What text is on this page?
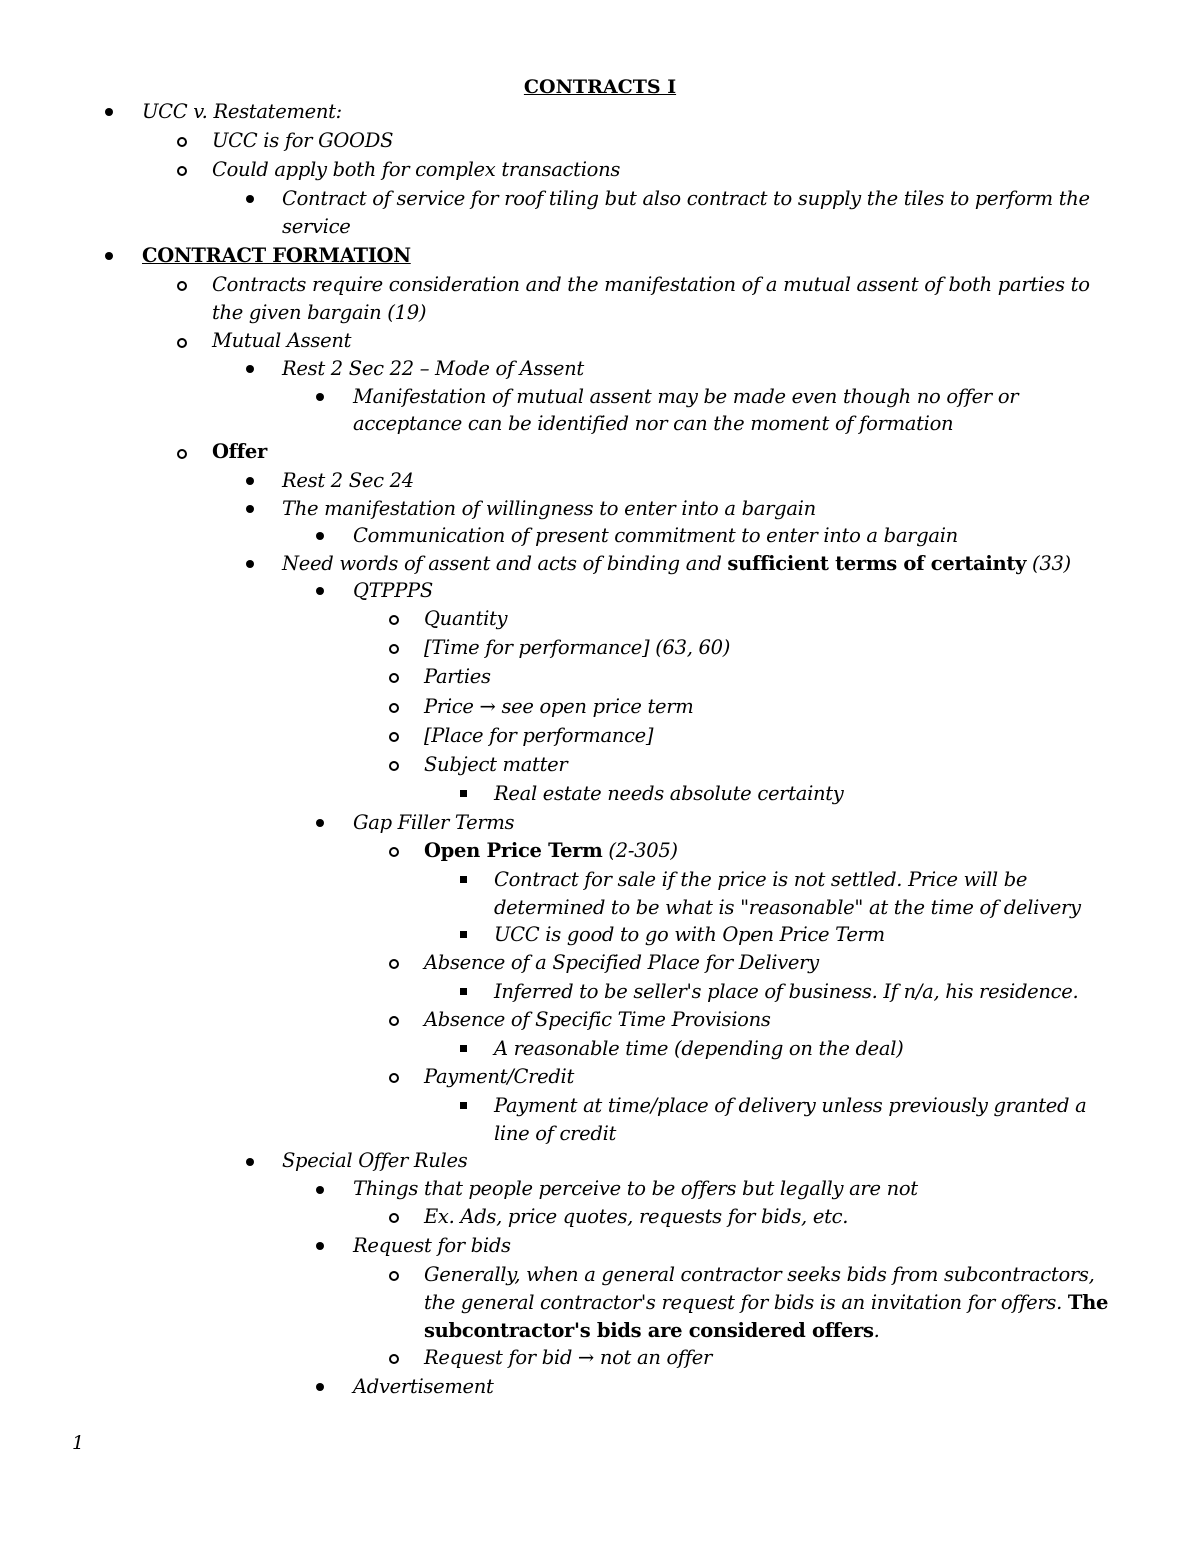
CONTRACTS I
UCC v. Restatement:
UCC is for GOODS
Could apply both for complex transactions
Contract of service for roof tiling but also contract to supply the tiles to perform the
service
CONTRACT FORMATION
Contracts require consideration and the manifestation of a mutual assent of both parties to
the given bargain (19)
Mutual Assent
Rest 2 Sec 22 – Mode of Assent
Manifestation of mutual assent may be made even though no offer or
acceptance can be identified nor can the moment of formation
Offer
Rest 2 Sec 24
The manifestation of willingness to enter into a bargain
Communication of present commitment to enter into a bargain
Need words of assent and acts of binding and sufficient terms of certainty (33)
QTPPPS
Quantity
[Time for performance] (63, 60)
Parties
Price → see open price term
[Place for performance]
Subject matter
Real estate needs absolute certainty
Gap Filler Terms
Open Price Term (2-305)
Contract for sale if the price is not settled. Price will be
determined to be what is "reasonable" at the time of delivery
UCC is good to go with Open Price Term
Absence of a Specified Place for Delivery
Inferred to be seller's place of business. If n/a, his residence.
Absence of Specific Time Provisions
A reasonable time (depending on the deal)
Payment/Credit
Payment at time/place of delivery unless previously granted a
line of credit
Special Offer Rules
Things that people perceive to be offers but legally are not
Ex. Ads, price quotes, requests for bids, etc.
Request for bids
Generally, when a general contractor seeks bids from subcontractors,
the general contractor's request for bids is an invitation for offers. The
subcontractor's bids are considered offers.
Request for bid → not an offer
Advertisement
1
